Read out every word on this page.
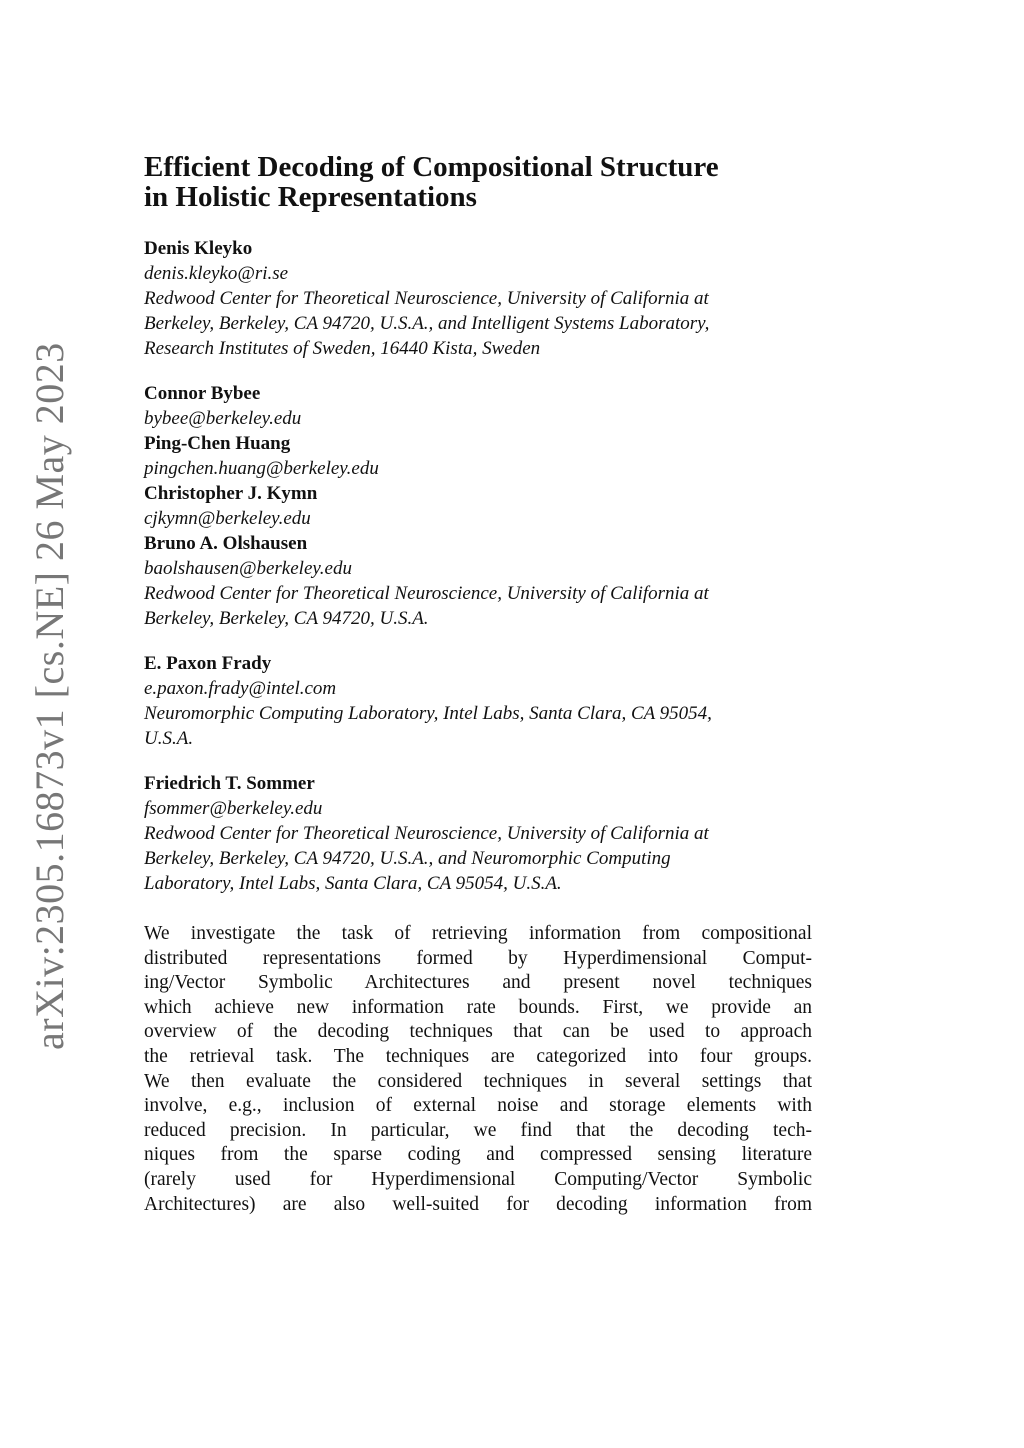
arXiv:2305.16873v1 [cs.NE] 26 May 2023
Efficient Decoding of Compositional Structure
in Holistic Representations
Denis Kleyko
denis.kleyko@ri.se
Redwood Center for Theoretical Neuroscience, University of California at
Berkeley, Berkeley, CA 94720, U.S.A., and Intelligent Systems Laboratory,
Research Institutes of Sweden, 16440 Kista, Sweden
Connor Bybee
bybee@berkeley.edu
Ping-Chen Huang
pingchen.huang@berkeley.edu
Christopher J. Kymn
cjkymn@berkeley.edu
Bruno A. Olshausen
baolshausen@berkeley.edu
Redwood Center for Theoretical Neuroscience, University of California at
Berkeley, Berkeley, CA 94720, U.S.A.
E. Paxon Frady
e.paxon.frady@intel.com
Neuromorphic Computing Laboratory, Intel Labs, Santa Clara, CA 95054,
U.S.A.
Friedrich T. Sommer
fsommer@berkeley.edu
Redwood Center for Theoretical Neuroscience, University of California at
Berkeley, Berkeley, CA 94720, U.S.A., and Neuromorphic Computing
Laboratory, Intel Labs, Santa Clara, CA 95054, U.S.A.
We investigate the task of retrieving information from compositional
distributed representations formed by Hyperdimensional Comput-
ing/Vector Symbolic Architectures and present novel techniques
which achieve new information rate bounds. First, we provide an
overview of the decoding techniques that can be used to approach
the retrieval task. The techniques are categorized into four groups.
We then evaluate the considered techniques in several settings that
involve, e.g., inclusion of external noise and storage elements with
reduced precision. In particular, we find that the decoding tech-
niques from the sparse coding and compressed sensing literature
(rarely used for Hyperdimensional Computing/Vector Symbolic
Architectures) are also well-suited for decoding information from
